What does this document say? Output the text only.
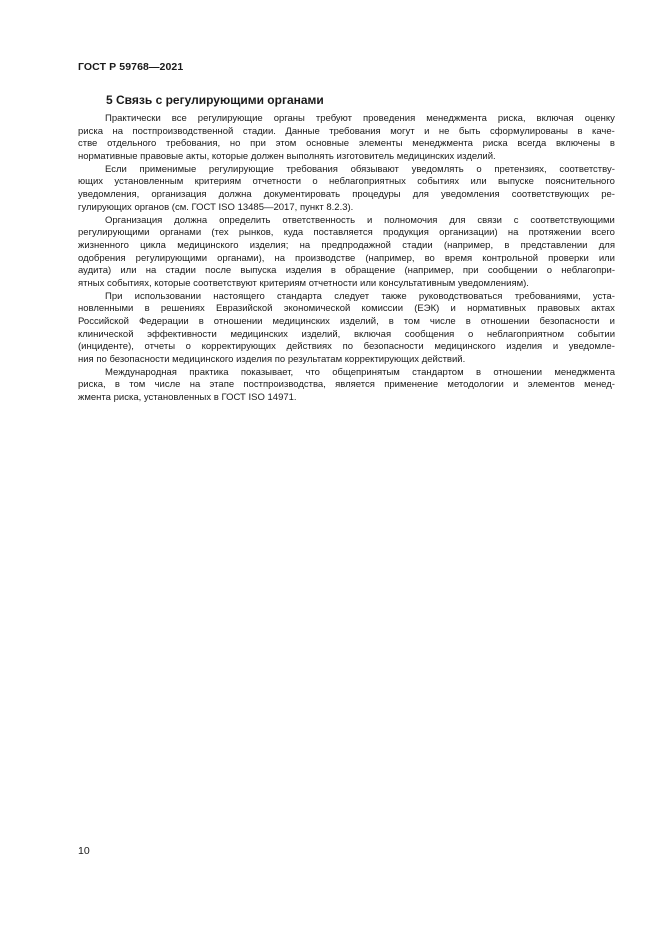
ГОСТ Р 59768—2021
5 Связь с регулирующими органами
Практически все регулирующие органы требуют проведения менеджмента риска, включая оценку
риска на постпроизводственной стадии. Данные требования могут и не быть сформулированы в каче-
стве отдельного требования, но при этом основные элементы менеджмента риска всегда включены в
нормативные правовые акты, которые должен выполнять изготовитель медицинских изделий.
Если применимые регулирующие требования обязывают уведомлять о претензиях, соответству-
ющих установленным критериям отчетности о неблагоприятных событиях или выпуске пояснительного
уведомления, организация должна документировать процедуры для уведомления соответствующих ре-
гулирующих органов (см. ГОСТ ISO 13485—2017, пункт 8.2.3).
Организация должна определить ответственность и полномочия для связи с соответствующими
регулирующими органами (тех рынков, куда поставляется продукция организации) на протяжении всего
жизненного цикла медицинского изделия; на предпродажной стадии (например, в представлении для
одобрения регулирующими органами), на производстве (например, во время контрольной проверки или
аудита) или на стадии после выпуска изделия в обращение (например, при сообщении о неблагопри-
ятных событиях, которые соответствуют критериям отчетности или консультативным уведомлениям).
При использовании настоящего стандарта следует также руководствоваться требованиями, уста-
новленными в решениях Евразийской экономической комиссии (ЕЭК) и нормативных правовых актах
Российской Федерации в отношении медицинских изделий, в том числе в отношении безопасности и
клинической эффективности медицинских изделий, включая сообщения о неблагоприятном событии
(инциденте), отчеты о корректирующих действиях по безопасности медицинского изделия и уведомле-
ния по безопасности медицинского изделия по результатам корректирующих действий.
Международная практика показывает, что общепринятым стандартом в отношении менеджмента
риска, в том числе на этапе постпроизводства, является применение методологии и элементов менед-
жмента риска, установленных в ГОСТ ISO 14971.
10
